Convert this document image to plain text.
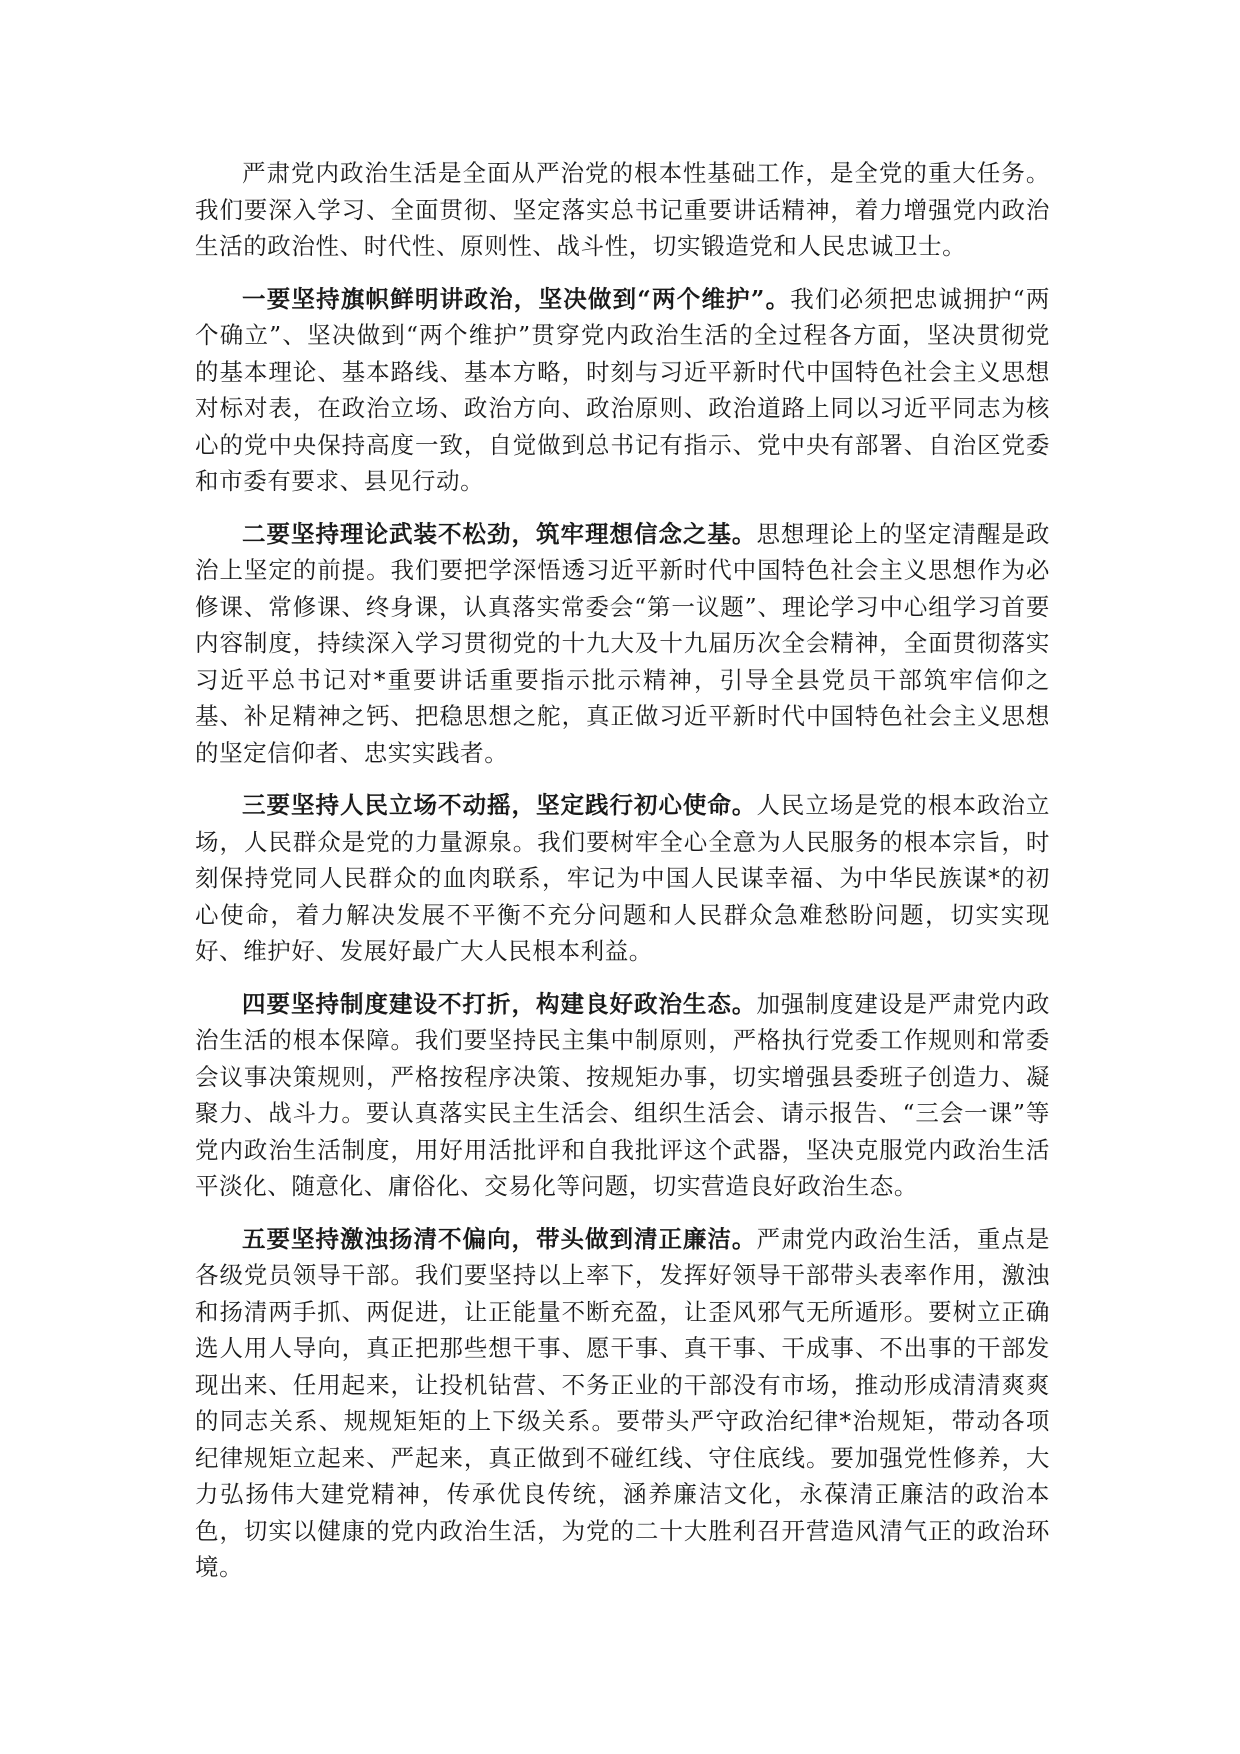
严肃党内政治生活是全面从严治党的根本性基础工作，是全党的重大任务。我们要深入学习、全面贯彻、坚定落实总书记重要讲话精神，着力增强党内政治生活的政治性、时代性、原则性、战斗性，切实锻造党和人民忠诚卫士。

一要坚持旗帜鲜明讲政治，坚决做到“两个维护”。我们必须把忠诚拥护“两个确立”、坚决做到“两个维护”贯穿党内政治生活的全过程各方面，坚决贯彻党的基本理论、基本路线、基本方略，时刻与习近平新时代中国特色社会主义思想对标对表，在政治立场、政治方向、政治原则、政治道路上同以习近平同志为核心的党中央保持高度一致，自觉做到总书记有指示、党中央有部署、自治区党委和市委有要求、县见行动。

二要坚持理论武装不松劲，筑牢理想信念之基。思想理论上的坚定清醒是政治上坚定的前提。我们要把学深悟透习近平新时代中国特色社会主义思想作为必修课、常修课、终身课，认真落实常委会“第一议题”、理论学习中心组学习首要内容制度，持续深入学习贯彻党的十九大及十九届历次全会精神，全面贯彻落实习近平总书记对*重要讲话重要指示批示精神，引导全县党员干部筑牢信仰之基、补足精神之钙、把稳思想之舵，真正做习近平新时代中国特色社会主义思想的坚定信仰者、忠实实践者。

三要坚持人民立场不动摇，坚定践行初心使命。人民立场是党的根本政治立场，人民群众是党的力量源泉。我们要树牢全心全意为人民服务的根本宗旨，时刻保持党同人民群众的血肉联系，牢记为中国人民谋幸福、为中华民族谋*的初心使命，着力解决发展不平衡不充分问题和人民群众急难愁盼问题，切实实现好、维护好、发展好最广大人民根本利益。

四要坚持制度建设不打折，构建良好政治生态。加强制度建设是严肃党内政治生活的根本保障。我们要坚持民主集中制原则，严格执行党委工作规则和常委会议事决策规则，严格按程序决策、按规矩办事，切实增强县委班子创造力、凝聚力、战斗力。要认真落实民主生活会、组织生活会、请示报告、“三会一课”等党内政治生活制度，用好用活批评和自我批评这个武器，坚决克服党内政治生活平淡化、随意化、庸俗化、交易化等问题，切实营造良好政治生态。

五要坚持激浊扬清不偏向，带头做到清正廉洁。严肃党内政治生活，重点是各级党员领导干部。我们要坚持以上率下，发挥好领导干部带头表率作用，激浊和扬清两手抓、两促进，让正能量不断充盈，让歪风邪气无所遁形。要树立正确选人用人导向，真正把那些想干事、愿干事、真干事、干成事、不出事的干部发现出来、任用起来，让投机钻营、不务正业的干部没有市场，推动形成清清爽爽的同志关系、规规矩矩的上下级关系。要带头严守政治纪律*治规矩，带动各项纪律规矩立起来、严起来，真正做到不碰红线、守住底线。要加强党性修养，大力弘扬伟大建党精神，传承优良传统，涵养廉洁文化，永葆清正廉洁的政治本色，切实以健康的党内政治生活，为党的二十大胜利召开营造风清气正的政治环境。
